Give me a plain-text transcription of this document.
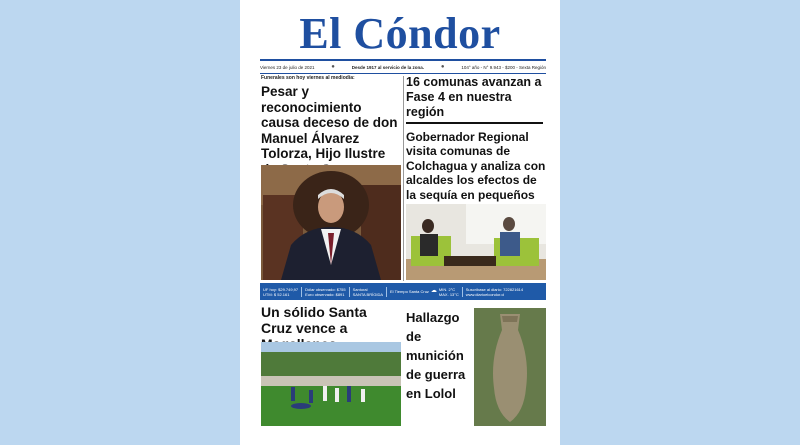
El Cóndor
Viernes 23 de julio de 2021	●	Desde 1917 al servicio de la zona.	●	104° año - N° 9.943 - $200 - Sexta Región
Funerales son hoy viernes al mediodía:
Pesar y reconocimiento causa deceso de don Manuel Álvarez Tolorza, Hijo Ilustre
16 comunas avanzan a Fase 4 en nuestra región
Gobernador Regional visita comunas de Colchagua y analiza con alcaldes los efectos de la sequía en pequeños
UF hoy: $29.749,97
UTM: $ 52.161
Dólar observado: $755
Euro observado: $891
Santoral
SANTA BRÍGIDA El Tiempo Santa Cruz ☁ MIN. 2°C
MAX. 13°C
Suscríbase al diario: 722821614
www.diarioelcondor.cl
Un sólido Santa Cruz vence a
Hallazgo de munición de guerra en Lolol
